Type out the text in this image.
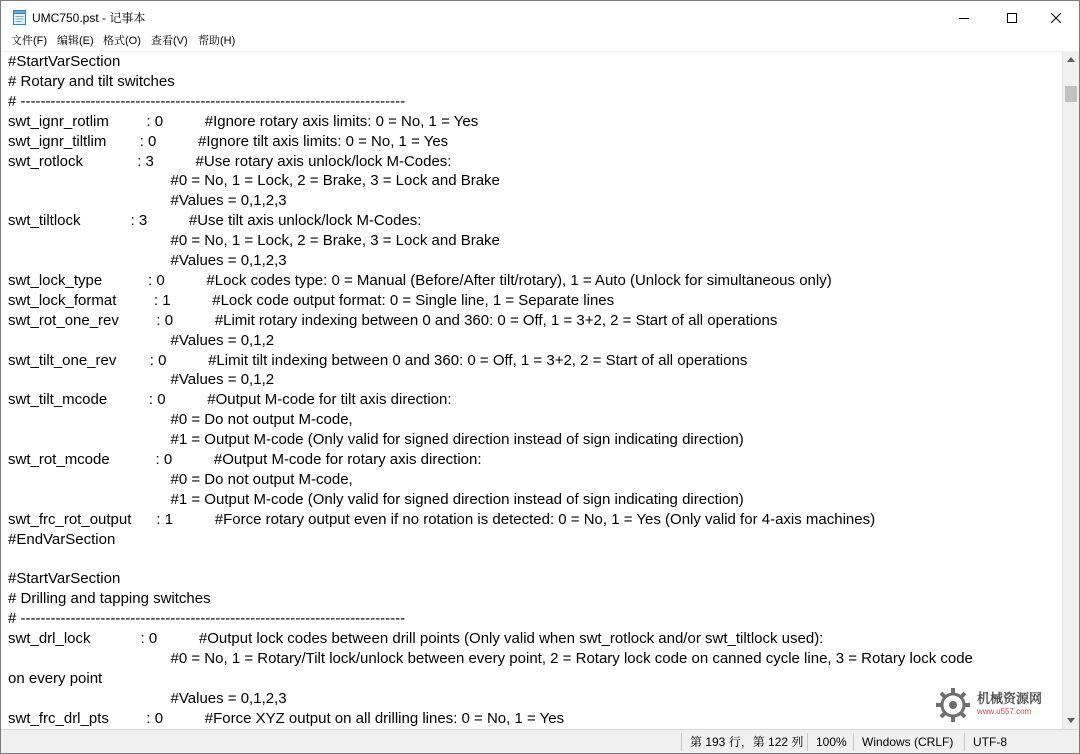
UMC750.pst - 记事本
文件(F) 编辑(E) 格式(O) 查看(V) 帮助(H)
#StartVarSection
# Rotary and tilt switches
# -----------------------------------------------------------------------------
swt_ignr_rotlim         : 0          #Ignore rotary axis limits: 0 = No, 1 = Yes
swt_ignr_tiltlim        : 0          #Ignore tilt axis limits: 0 = No, 1 = Yes
swt_rotlock             : 3          #Use rotary axis unlock/lock M-Codes:
#0 = No, 1 = Lock, 2 = Brake, 3 = Lock and Brake
#Values = 0,1,2,3
swt_tiltlock            : 3          #Use tilt axis unlock/lock M-Codes:
#0 = No, 1 = Lock, 2 = Brake, 3 = Lock and Brake
#Values = 0,1,2,3
swt_lock_type           : 0          #Lock codes type: 0 = Manual (Before/After tilt/rotary), 1 = Auto (Unlock for simultaneous only)
swt_lock_format         : 1          #Lock code output format: 0 = Single line, 1 = Separate lines
swt_rot_one_rev         : 0          #Limit rotary indexing between 0 and 360: 0 = Off, 1 = 3+2, 2 = Start of all operations
#Values = 0,1,2
swt_tilt_one_rev        : 0          #Limit tilt indexing between 0 and 360: 0 = Off, 1 = 3+2, 2 = Start of all operations
#Values = 0,1,2
swt_tilt_mcode          : 0          #Output M-code for tilt axis direction:
#0 = Do not output M-code,
#1 = Output M-code (Only valid for signed direction instead of sign indicating direction)
swt_rot_mcode           : 0          #Output M-code for rotary axis direction:
#0 = Do not output M-code,
#1 = Output M-code (Only valid for signed direction instead of sign indicating direction)
swt_frc_rot_output      : 1          #Force rotary output even if no rotation is detected: 0 = No, 1 = Yes (Only valid for 4-axis machines)
#EndVarSection
#StartVarSection
# Drilling and tapping switches
# -----------------------------------------------------------------------------
swt_drl_lock            : 0          #Output lock codes between drill points (Only valid when swt_rotlock and/or swt_tiltlock used):
#0 = No, 1 = Rotary/Tilt lock/unlock between every point, 2 = Rotary lock code on canned cycle line, 3 = Rotary lock code
on every point
#Values = 0,1,2,3
swt_frc_drl_pts         : 0          #Force XYZ output on all drilling lines: 0 = No, 1 = Yes
机械资源网
www.u557.com
第 193 行，第 122 列 100% Windows (CRLF) UTF-8
